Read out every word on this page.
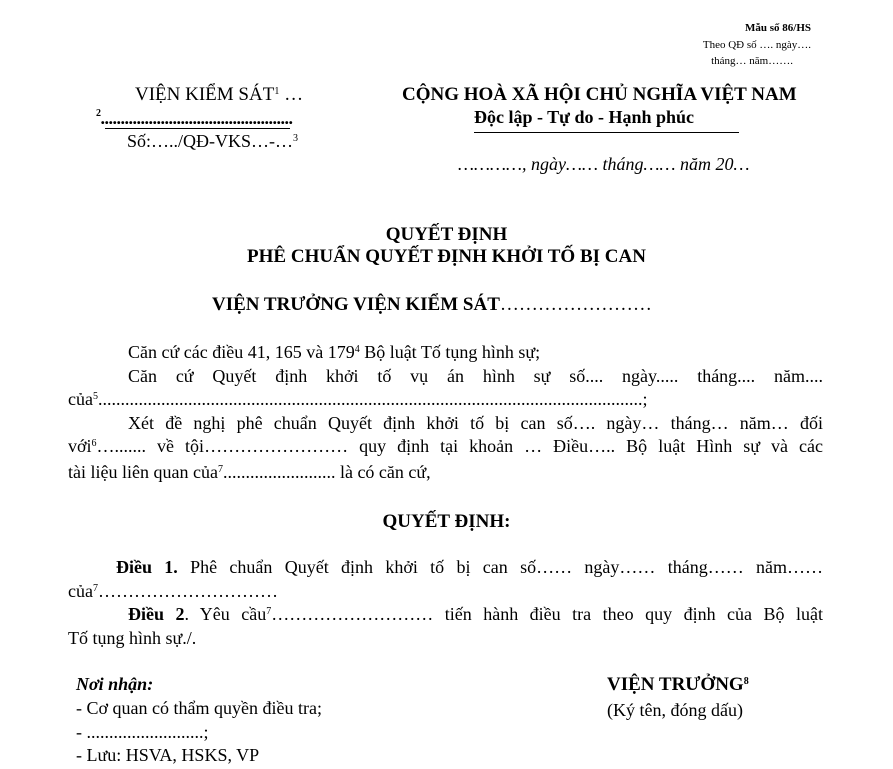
Mẫu số 86/HS
Theo QĐ số …. ngày….
tháng… năm…….
VIỆN KIỂM SÁT$^1$ …
$^2$................................................
Số:…../QĐ-VKS…-…$^3$
CỘNG HOÀ XÃ HỘI CHỦ NGHĨA VIỆT NAM
Độc lập - Tự do - Hạnh phúc
…………, ngày…… tháng…… năm 20…
QUYẾT ĐỊNH
PHÊ CHUẨN QUYẾT ĐỊNH KHỞI TỐ BỊ CAN
VIỆN TRƯỞNG VIỆN KIỂM SÁT……………………
Căn cứ các điều 41, 165 và $179^4$ Bộ luật Tố tụng hình sự;
Căn cứ Quyết định khởi tố vụ án hình sự số.... ngày..... tháng.... năm....
của$^5$.........................................................................................................................;
Xét đề nghị phê chuẩn Quyết định khởi tố bị can số…. ngày… tháng… năm… đối
với$^6$…....... về tội…………………… quy định tại khoản … Điều….. Bộ luật Hình sự và các
tài liệu liên quan của$^7$......................... là có căn cứ,
QUYẾT ĐỊNH:
Điều 1. Phê chuẩn Quyết định khởi tố bị can số…… ngày…… tháng…… năm……
của$^7$…………………………
Điều 2. Yêu cầu$^7$……………………… tiến hành điều tra theo quy định của Bộ luật
Tố tụng hình sự./.
Nơi nhận:
- Cơ quan có thẩm quyền điều tra;
- ..........................;
- Lưu: HSVA, HSKS, VP
VIỆN TRƯỞNG$^8$
(Ký tên, đóng dấu)
